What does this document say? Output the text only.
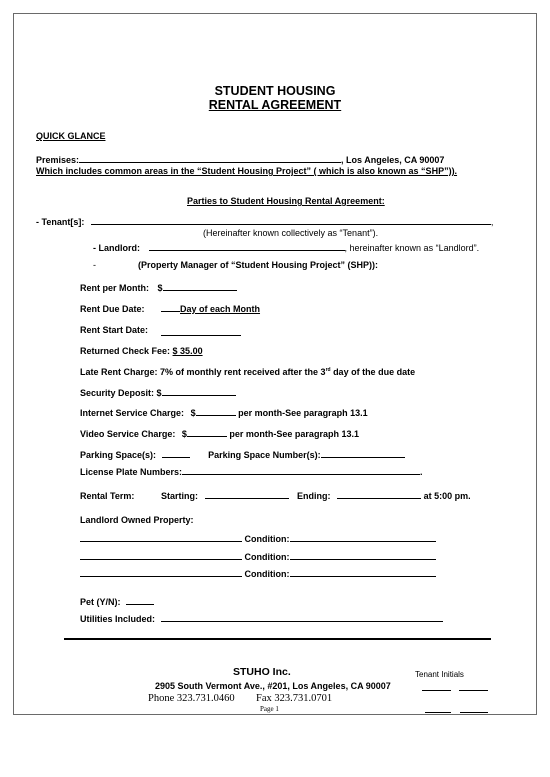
STUDENT HOUSING
RENTAL AGREEMENT
QUICK GLANCE
Premises:	, Los Angeles, CA 90007
Which includes common areas in the “Student Housing Project” ( which is also known as “SHP”)).
Parties to Student Housing Rental Agreement:
- Tenant[s]:	,
(Hereinafter known collectively as “Tenant”).
- Landlord:	, hereinafter known as “Landlord”.
-	(Property Manager of “Student Housing Project” (SHP)):
Rent per Month: $
Rent Due Date:	Day of each Month
Rent Start Date:
Returned Check Fee: $ 35.00
Late Rent Charge: 7% of monthly rent received after the 3rd day of the due date
Security Deposit: $
Internet Service Charge: $	per month-See paragraph 13.1
Video Service Charge: $	per month-See paragraph 13.1
Parking Space(s):	Parking Space Number(s):
License Plate Numbers:	.
Rental Term:	Starting:	Ending:	at 5:00 pm.
Landlord Owned Property:
Condition:
Condition:
Condition:
Pet (Y/N):
Utilities Included:
STUHO Inc.	Tenant Initials
2905 South Vermont Ave., #201, Los Angeles, CA 90007
Phone 323.731.0460 Fax 323.731.0701
Page 1
